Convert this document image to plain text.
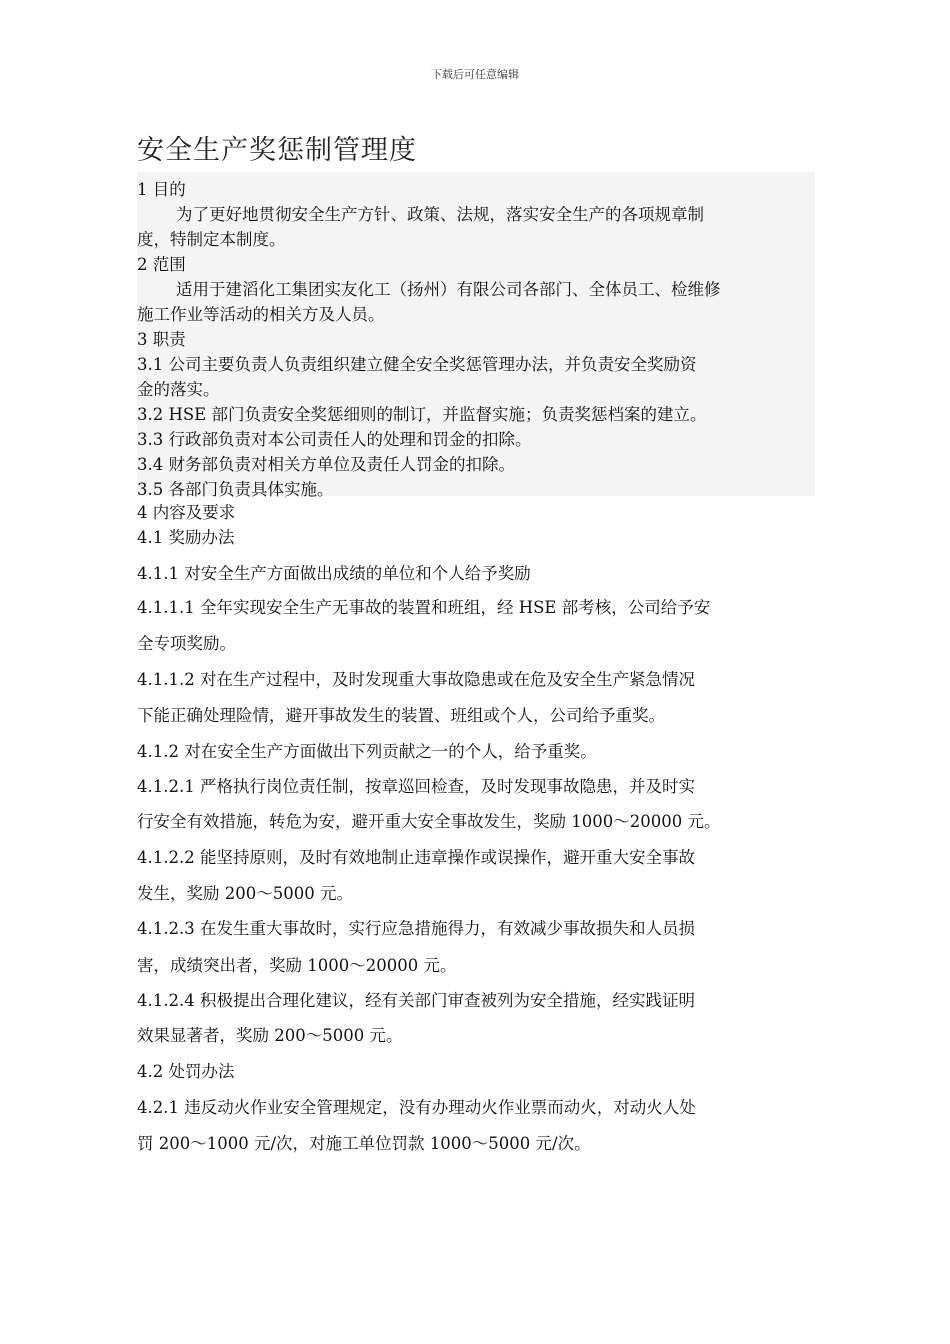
下载后可任意编辑
安全生产奖惩制管理度
1 目的
为了更好地贯彻安全生产方针、政策、法规，落实安全生产的各项规章制
度，特制定本制度。
2 范围
适用于建滔化工集团实友化工（扬州）有限公司各部门、全体员工、检维修
施工作业等活动的相关方及人员。
3 职责
3.1 公司主要负责人负责组织建立健全安全奖惩管理办法，并负责安全奖励资
金的落实。
3.2 HSE 部门负责安全奖惩细则的制订，并监督实施；负责奖惩档案的建立。
3.3 行政部负责对本公司责任人的处理和罚金的扣除。
3.4 财务部负责对相关方单位及责任人罚金的扣除。
3.5 各部门负责具体实施。
4 内容及要求
4.1 奖励办法
4.1.1 对安全生产方面做出成绩的单位和个人给予奖励
4.1.1.1 全年实现安全生产无事故的装置和班组，经 HSE 部考核，公司给予安
全专项奖励。
4.1.1.2 对在生产过程中，及时发现重大事故隐患或在危及安全生产紧急情况
下能正确处理险情，避开事故发生的装置、班组或个人，公司给予重奖。
4.1.2 对在安全生产方面做出下列贡献之一的个人，给予重奖。
4.1.2.1 严格执行岗位责任制，按章巡回检查，及时发现事故隐患，并及时实
行安全有效措施，转危为安，避开重大安全事故发生，奖励 1000～20000 元。
4.1.2.2 能坚持原则，及时有效地制止违章操作或误操作，避开重大安全事故
发生，奖励 200～5000 元。
4.1.2.3 在发生重大事故时，实行应急措施得力，有效减少事故损失和人员损
害，成绩突出者，奖励 1000～20000 元。
4.1.2.4 积极提出合理化建议，经有关部门审查被列为安全措施，经实践证明
效果显著者，奖励 200～5000 元。
4.2 处罚办法
4.2.1 违反动火作业安全管理规定，没有办理动火作业票而动火，对动火人处
罚 200～1000 元/次，对施工单位罚款 1000～5000 元/次。
